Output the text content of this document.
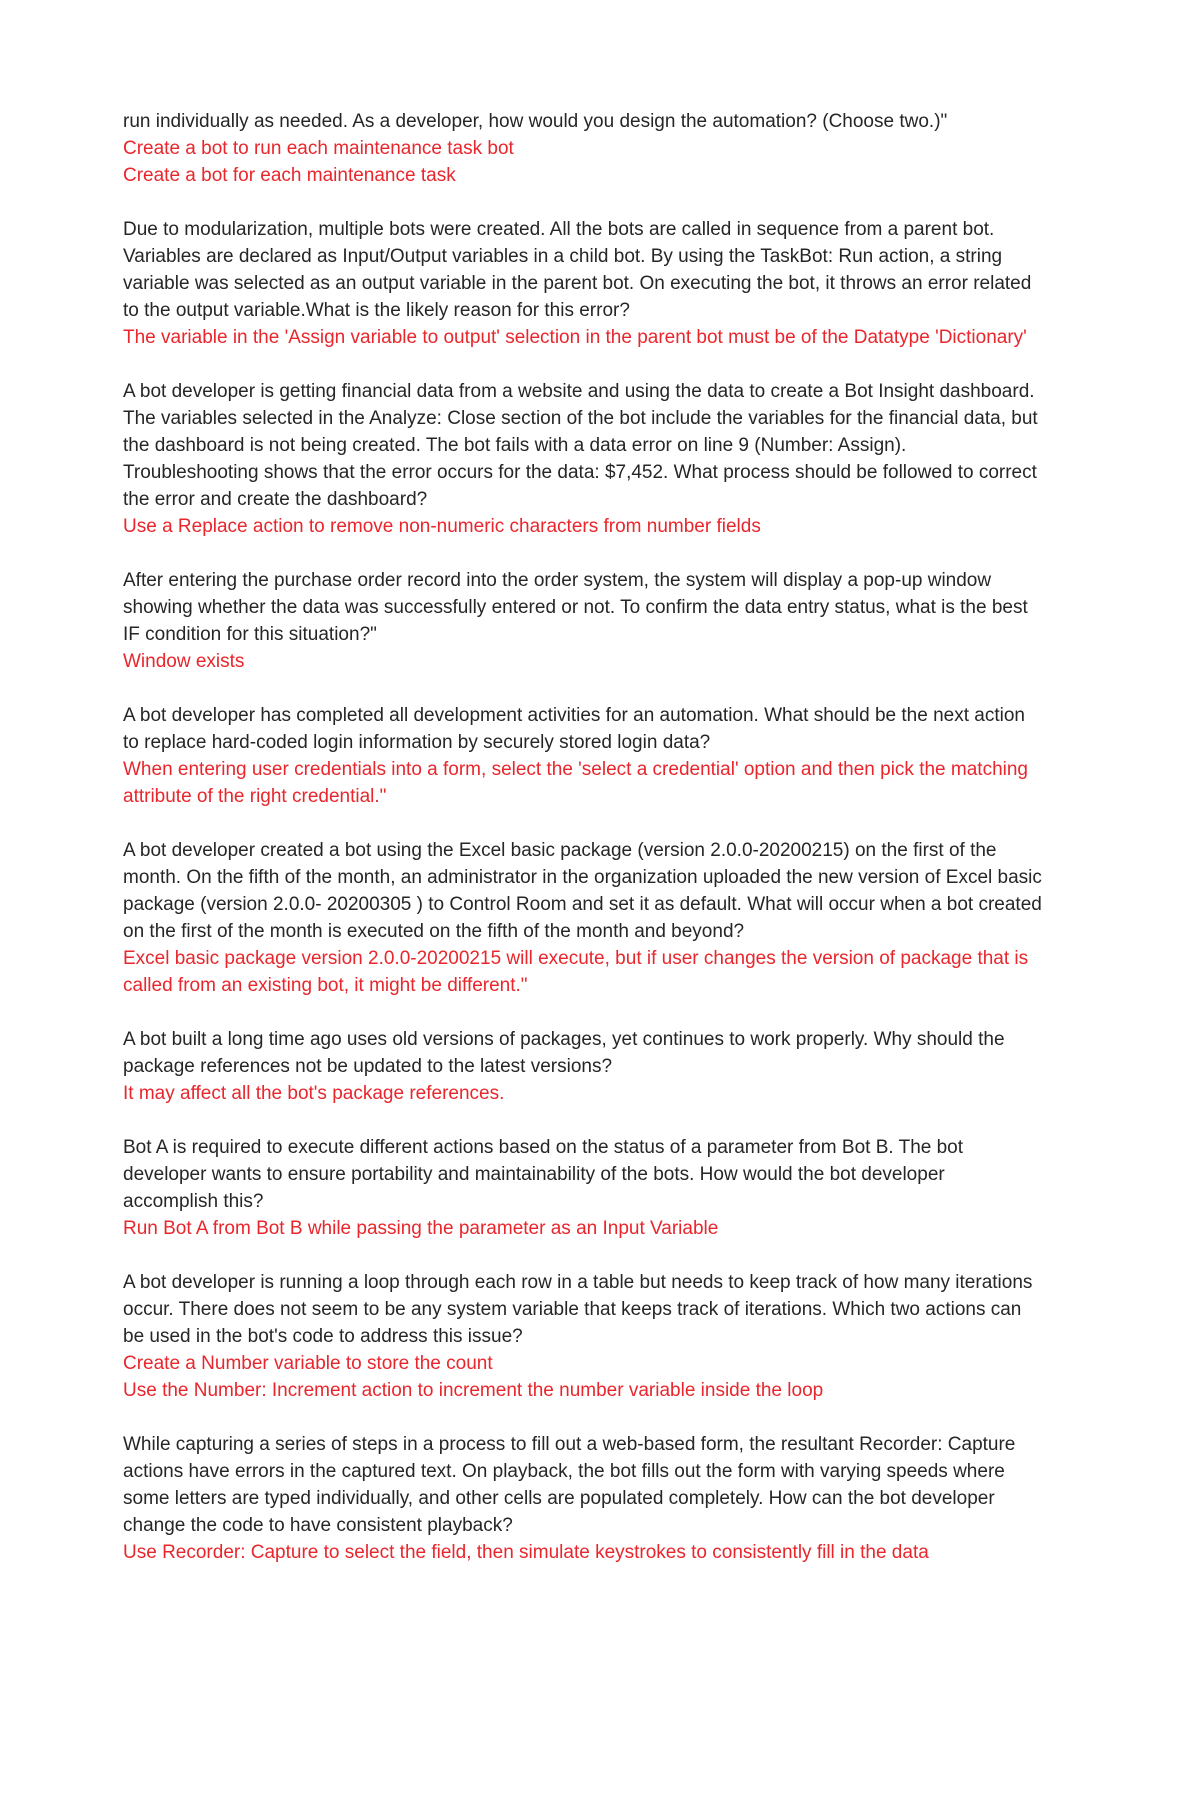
run individually as needed. As a developer, how would you design the automation? (Choose two.)"
Create a bot to run each maintenance task bot
Create a bot for each maintenance task
Due to modularization, multiple bots were created. All the bots are called in sequence from a parent bot. Variables are declared as Input/Output variables in a child bot. By using the TaskBot: Run action, a string variable was selected as an output variable in the parent bot. On executing the bot, it throws an error related to the output variable.What is the likely reason for this error?
The variable in the 'Assign variable to output' selection in the parent bot must be of the Datatype 'Dictionary'
A bot developer is getting financial data from a website and using the data to create a Bot Insight dashboard. The variables selected in the Analyze: Close section of the bot include the variables for the financial data, but the dashboard is not being created. The bot fails with a data error on line 9 (Number: Assign). Troubleshooting shows that the error occurs for the data: $7,452. What process should be followed to correct the error and create the dashboard?
Use a Replace action to remove non-numeric characters from number fields
After entering the purchase order record into the order system, the system will display a pop-up window showing whether the data was successfully entered or not. To confirm the data entry status, what is the best IF condition for this situation?"
Window exists
A bot developer has completed all development activities for an automation. What should be the next action to replace hard-coded login information by securely stored login data?
When entering user credentials into a form, select the 'select a credential' option and then pick the matching attribute of the right credential."
A bot developer created a bot using the Excel basic package (version 2.0.0-20200215) on the first of the month. On the fifth of the month, an administrator in the organization uploaded the new version of Excel basic package (version 2.0.0- 20200305 ) to Control Room and set it as default. What will occur when a bot created on the first of the month is executed on the fifth of the month and beyond?
Excel basic package version 2.0.0-20200215 will execute, but if user changes the version of package that is called from an existing bot, it might be different."
A bot built a long time ago uses old versions of packages, yet continues to work properly. Why should the package references not be updated to the latest versions?
It may affect all the bot's package references.
Bot A is required to execute different actions based on the status of a parameter from Bot B. The bot developer wants to ensure portability and maintainability of the bots. How would the bot developer accomplish this?
Run Bot A from Bot B while passing the parameter as an Input Variable
A bot developer is running a loop through each row in a table but needs to keep track of how many iterations occur. There does not seem to be any system variable that keeps track of iterations. Which two actions can be used in the bot's code to address this issue?
Create a Number variable to store the count
Use the Number: Increment action to increment the number variable inside the loop
While capturing a series of steps in a process to fill out a web-based form, the resultant Recorder: Capture actions have errors in the captured text. On playback, the bot fills out the form with varying speeds where some letters are typed individually, and other cells are populated completely. How can the bot developer change the code to have consistent playback?
Use Recorder: Capture to select the field, then simulate keystrokes to consistently fill in the data
